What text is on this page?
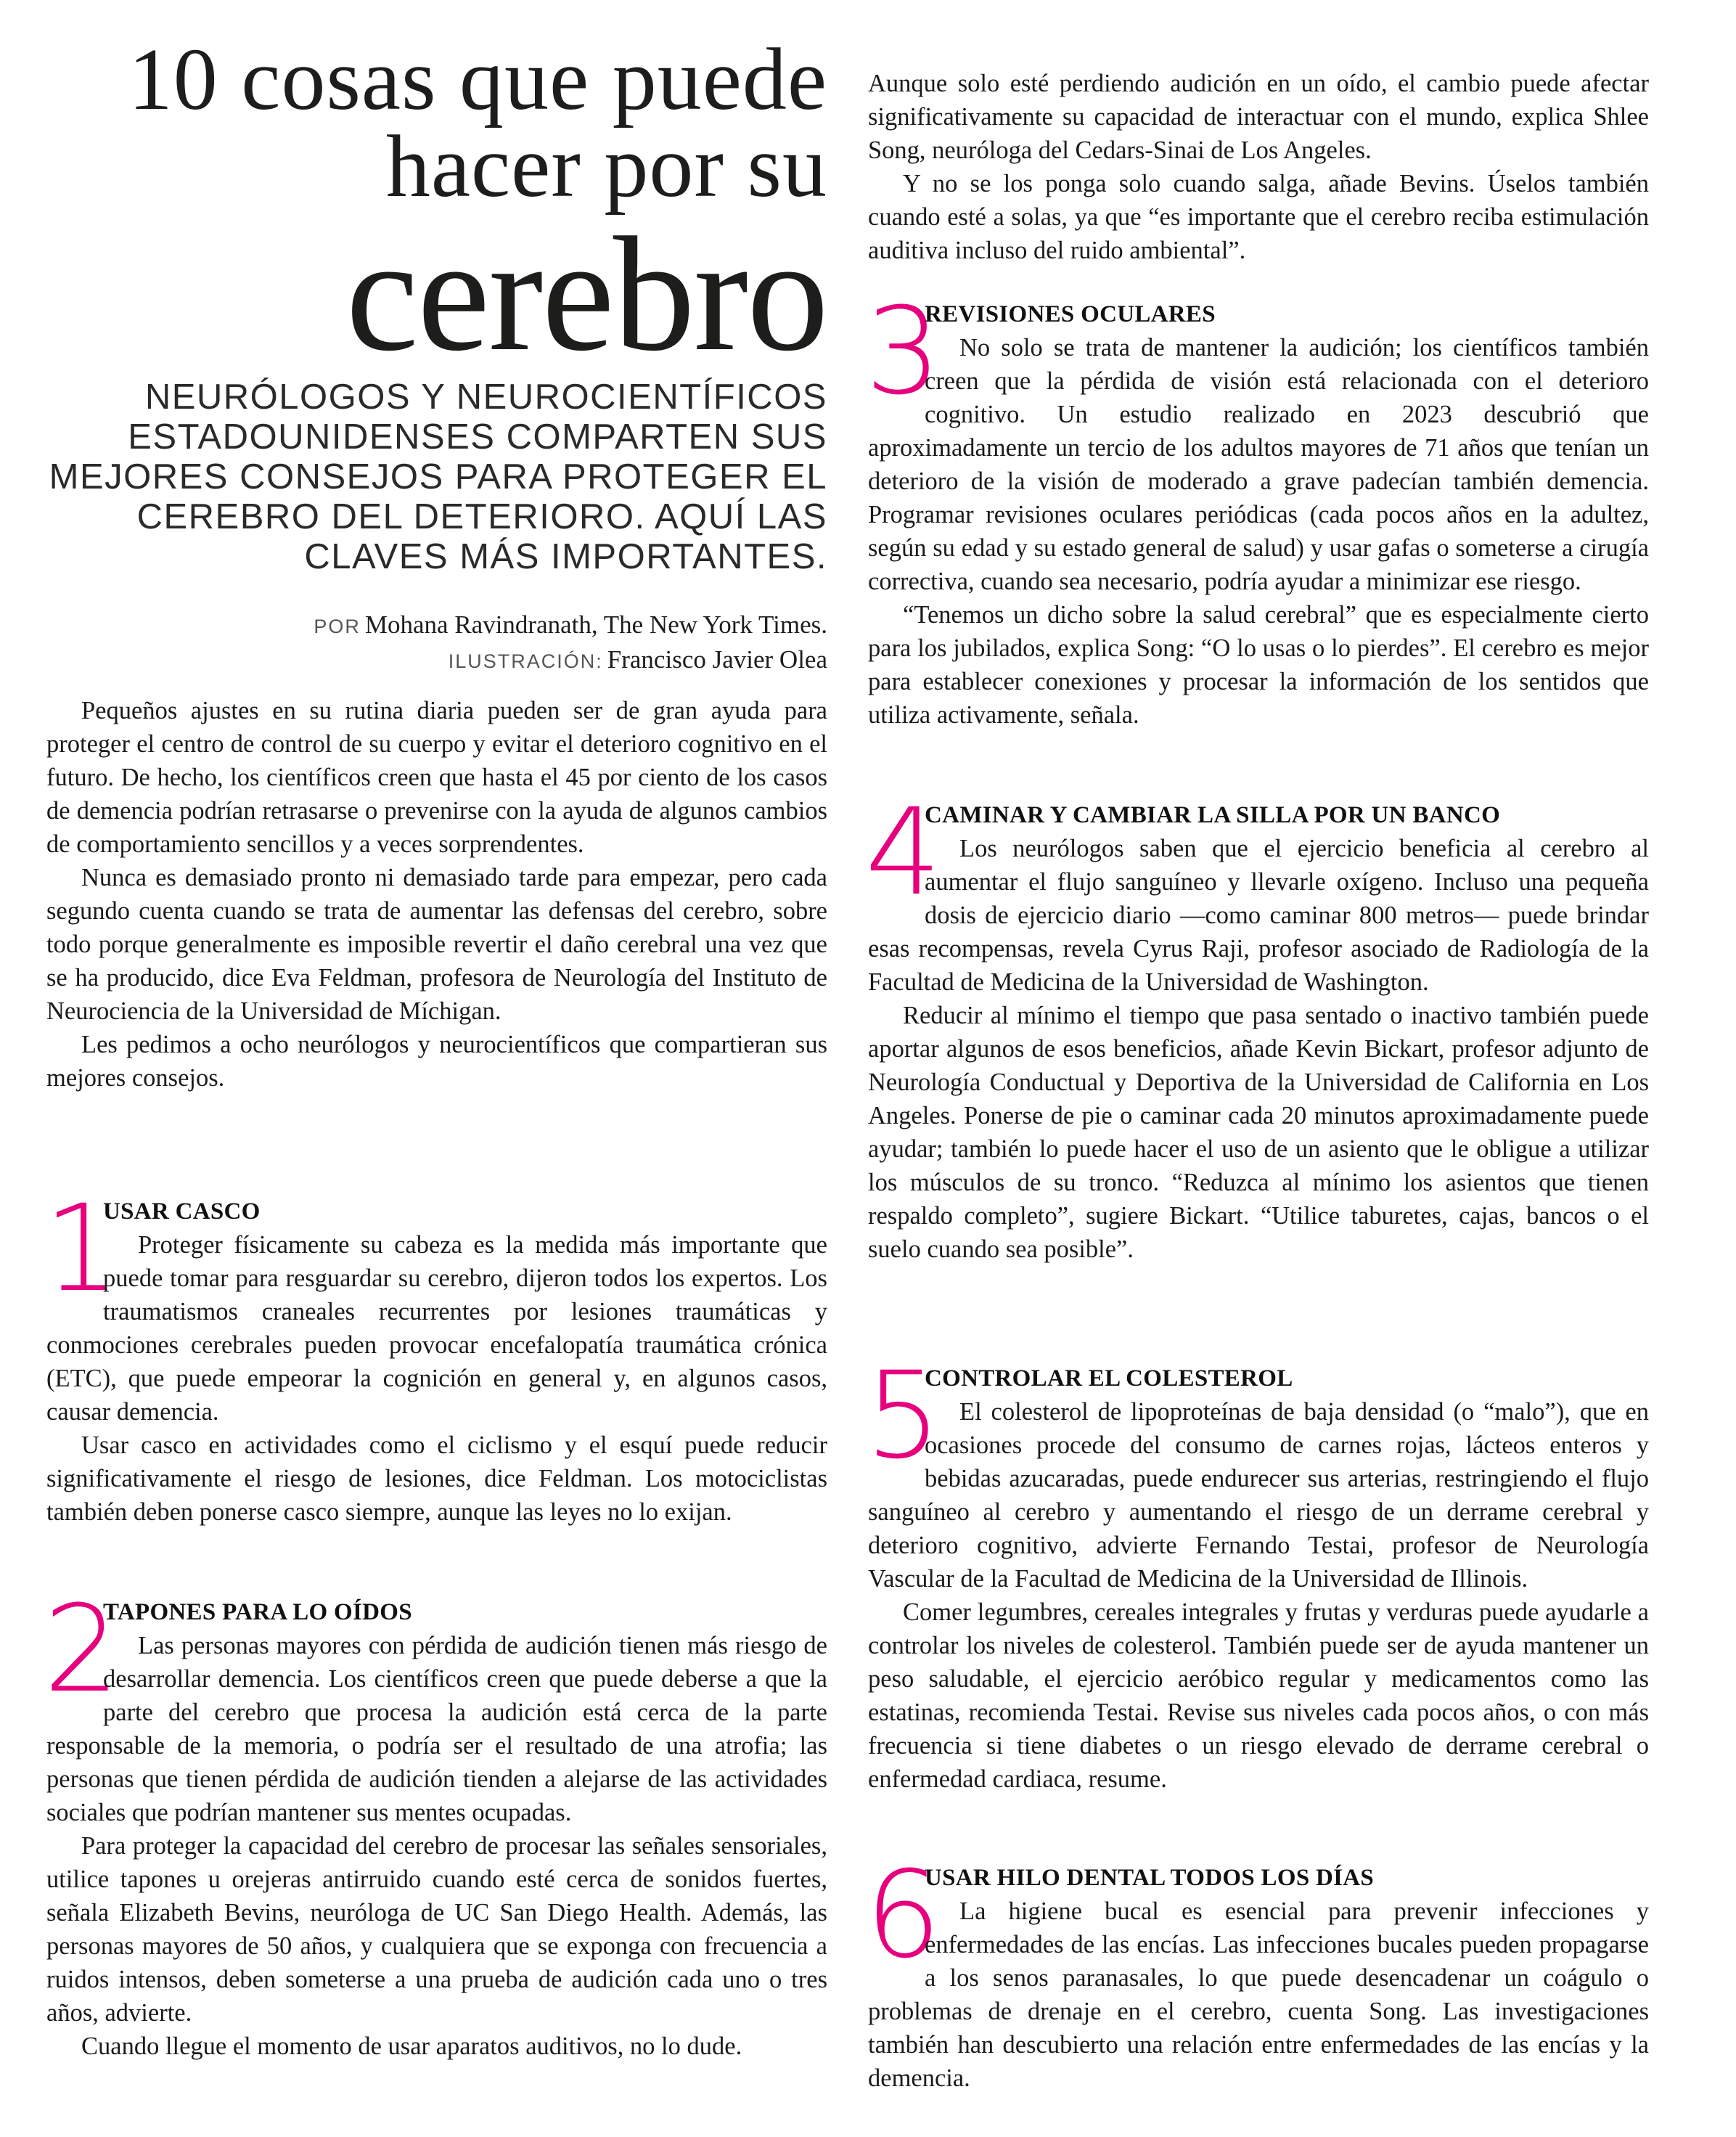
10 cosas que puede
hacer por su
cerebro
NEURÓLOGOS Y NEUROCIENTÍFICOS ESTADOUNIDENSES COMPARTEN SUS MEJORES CONSEJOS PARA PROTEGER EL CEREBRO DEL DETERIORO. AQUÍ LAS CLAVES MÁS IMPORTANTES.
POR Mohana Ravindranath, The New York Times.
ILUSTRACIÓN: Francisco Javier Olea

Pequeños ajustes en su rutina diaria pueden ser de gran ayuda para proteger el centro de control de su cuerpo y evitar el deterioro cognitivo en el futuro. De hecho, los científicos creen que hasta el 45 por ciento de los casos de demencia podrían retrasarse o prevenirse con la ayuda de algunos cambios de comportamiento sencillos y a veces sorprendentes.

Nunca es demasiado pronto ni demasiado tarde para empezar, pero cada segundo cuenta cuando se trata de aumentar las defensas del cerebro, sobre todo porque generalmente es imposible revertir el daño cerebral una vez que se ha producido, dice Eva Feldman, profesora de Neurología del Instituto de Neurociencia de la Universidad de Míchigan.

Les pedimos a ocho neurólogos y neurocientíficos que compartieran sus mejores consejos.

1
USAR CASCO

Proteger físicamente su cabeza es la medida más importante que puede tomar para resguardar su cerebro, dijeron todos los expertos. Los traumatismos craneales recurrentes por lesiones traumáticas y conmociones cerebrales pueden provocar encefalopatía traumática crónica (ETC), que puede empeorar la cognición en general y, en algunos casos, causar demencia.

Usar casco en actividades como el ciclismo y el esquí puede reducir significativamente el riesgo de lesiones, dice Feldman. Los motociclistas también deben ponerse casco siempre, aunque las leyes no lo exijan.

2
TAPONES PARA LO OÍDOS

Las personas mayores con pérdida de audición tienen más riesgo de desarrollar demencia. Los científicos creen que puede deberse a que la parte del cerebro que procesa la audición está cerca de la parte responsable de la memoria, o podría ser el resultado de una atrofia; las personas que tienen pérdida de audición tienden a alejarse de las actividades sociales que podrían mantener sus mentes ocupadas.

Para proteger la capacidad del cerebro de procesar las señales sensoriales, utilice tapones u orejeras antirruido cuando esté cerca de sonidos fuertes, señala Elizabeth Bevins, neuróloga de UC San Diego Health. Además, las personas mayores de 50 años, y cualquiera que se exponga con frecuencia a ruidos intensos, deben someterse a una prueba de audición cada uno o tres años, advierte.

Cuando llegue el momento de usar aparatos auditivos, no lo dude.

Aunque solo esté perdiendo audición en un oído, el cambio puede afectar significativamente su capacidad de interactuar con el mundo, explica Shlee Song, neuróloga del Cedars-Sinai de Los Angeles.

Y no se los ponga solo cuando salga, añade Bevins. Úselos también cuando esté a solas, ya que “es importante que el cerebro reciba estimulación auditiva incluso del ruido ambiental”.

3
REVISIONES OCULARES

No solo se trata de mantener la audición; los científicos también creen que la pérdida de visión está relacionada con el deterioro cognitivo. Un estudio realizado en 2023 descubrió que aproximadamente un tercio de los adultos mayores de 71 años que tenían un deterioro de la visión de moderado a grave padecían también demencia. Programar revisiones oculares periódicas (cada pocos años en la adultez, según su edad y su estado general de salud) y usar gafas o someterse a cirugía correctiva, cuando sea necesario, podría ayudar a minimizar ese riesgo.

“Tenemos un dicho sobre la salud cerebral” que es especialmente cierto para los jubilados, explica Song: “O lo usas o lo pierdes”. El cerebro es mejor para establecer conexiones y procesar la información de los sentidos que utiliza activamente, señala.

4
CAMINAR Y CAMBIAR LA SILLA POR UN BANCO

Los neurólogos saben que el ejercicio beneficia al cerebro al aumentar el flujo sanguíneo y llevarle oxígeno. Incluso una pequeña dosis de ejercicio diario —como caminar 800 metros— puede brindar esas recompensas, revela Cyrus Raji, profesor asociado de Radiología de la Facultad de Medicina de la Universidad de Washington.

Reducir al mínimo el tiempo que pasa sentado o inactivo también puede aportar algunos de esos beneficios, añade Kevin Bickart, profesor adjunto de Neurología Conductual y Deportiva de la Universidad de California en Los Angeles. Ponerse de pie o caminar cada 20 minutos aproximadamente puede ayudar; también lo puede hacer el uso de un asiento que le obligue a utilizar los músculos de su tronco. “Reduzca al mínimo los asientos que tienen respaldo completo”, sugiere Bickart. “Utilice taburetes, cajas, bancos o el suelo cuando sea posible”.

5
CONTROLAR EL COLESTEROL

El colesterol de lipoproteínas de baja densidad (o “malo”), que en ocasiones procede del consumo de carnes rojas, lácteos enteros y bebidas azucaradas, puede endurecer sus arterias, restringiendo el flujo sanguíneo al cerebro y aumentando el riesgo de un derrame cerebral y deterioro cognitivo, advierte Fernando Testai, profesor de Neurología Vascular de la Facultad de Medicina de la Universidad de Illinois.

Comer legumbres, cereales integrales y frutas y verduras puede ayudarle a controlar los niveles de colesterol. También puede ser de ayuda mantener un peso saludable, el ejercicio aeróbico regular y medicamentos como las estatinas, recomienda Testai. Revise sus niveles cada pocos años, o con más frecuencia si tiene diabetes o un riesgo elevado de derrame cerebral o enfermedad cardiaca, resume.

6
USAR HILO DENTAL TODOS LOS DÍAS

La higiene bucal es esencial para prevenir infecciones y enfermedades de las encías. Las infecciones bucales pueden propagarse a los senos paranasales, lo que puede desencadenar un coágulo o problemas de drenaje en el cerebro, cuenta Song. Las investigaciones también han descubierto una relación entre enfermedades de las encías y la demencia.
